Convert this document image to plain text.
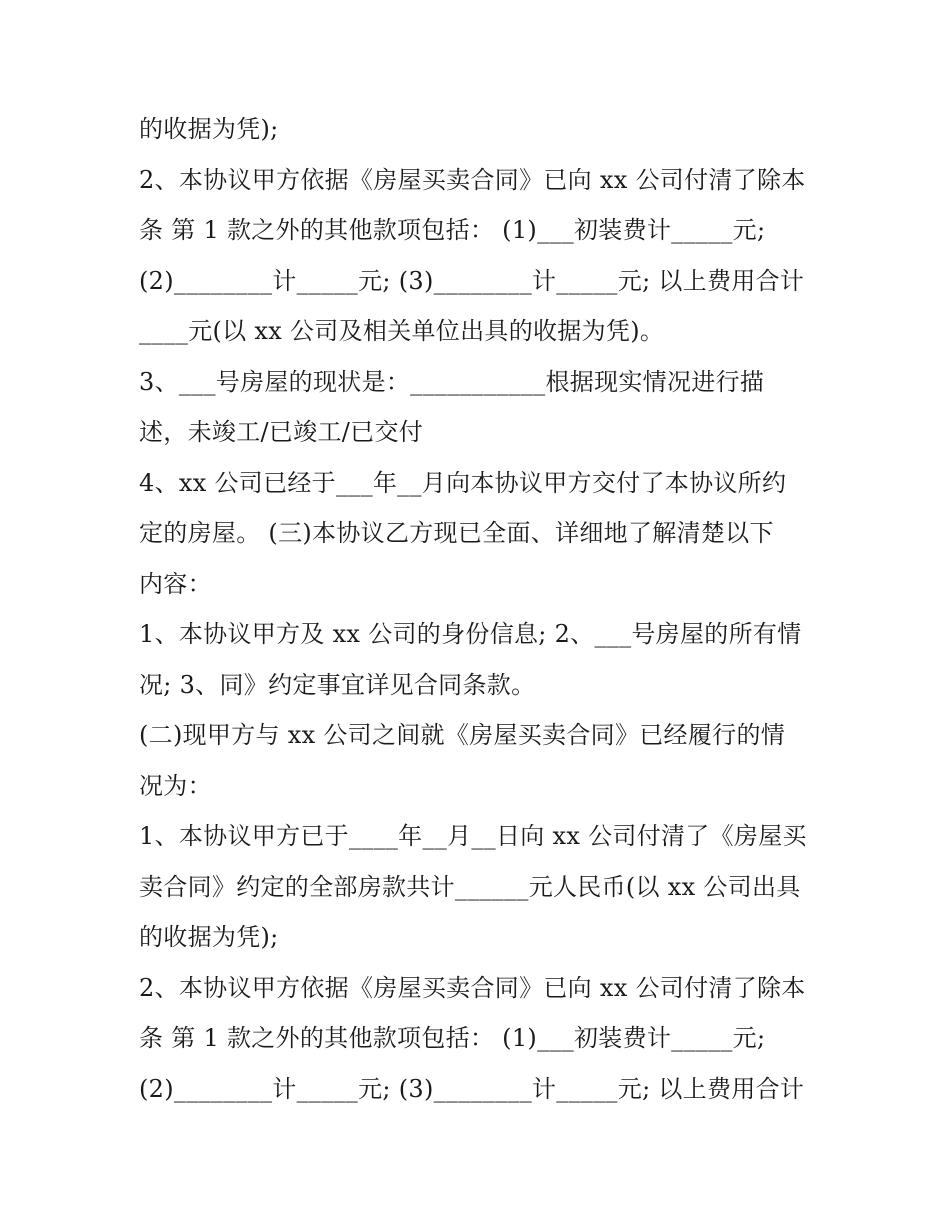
的收据为凭);
2、本协议甲方依据《房屋买卖合同》已向 xx 公司付清了除本
条 第 1 款之外的其他款项包括： (1)___初装费计_____元;
(2)________计_____元; (3)________计_____元; 以上费用合计
____元(以 xx 公司及相关单位出具的收据为凭)。
3、___号房屋的现状是：___________根据现实情况进行描
述，未竣工/已竣工/已交付
4、xx 公司已经于___年__月向本协议甲方交付了本协议所约
定的房屋。 (三)本协议乙方现已全面、详细地了解清楚以下
内容：
1、本协议甲方及 xx 公司的身份信息; 2、___号房屋的所有情
况; 3、同》约定事宜详见合同条款。
(二)现甲方与 xx 公司之间就《房屋买卖合同》已经履行的情
况为：
1、本协议甲方已于____年__月__日向 xx 公司付清了《房屋买
卖合同》约定的全部房款共计______元人民币(以 xx 公司出具
的收据为凭);
2、本协议甲方依据《房屋买卖合同》已向 xx 公司付清了除本
条 第 1 款之外的其他款项包括： (1)___初装费计_____元;
(2)________计_____元; (3)________计_____元; 以上费用合计
